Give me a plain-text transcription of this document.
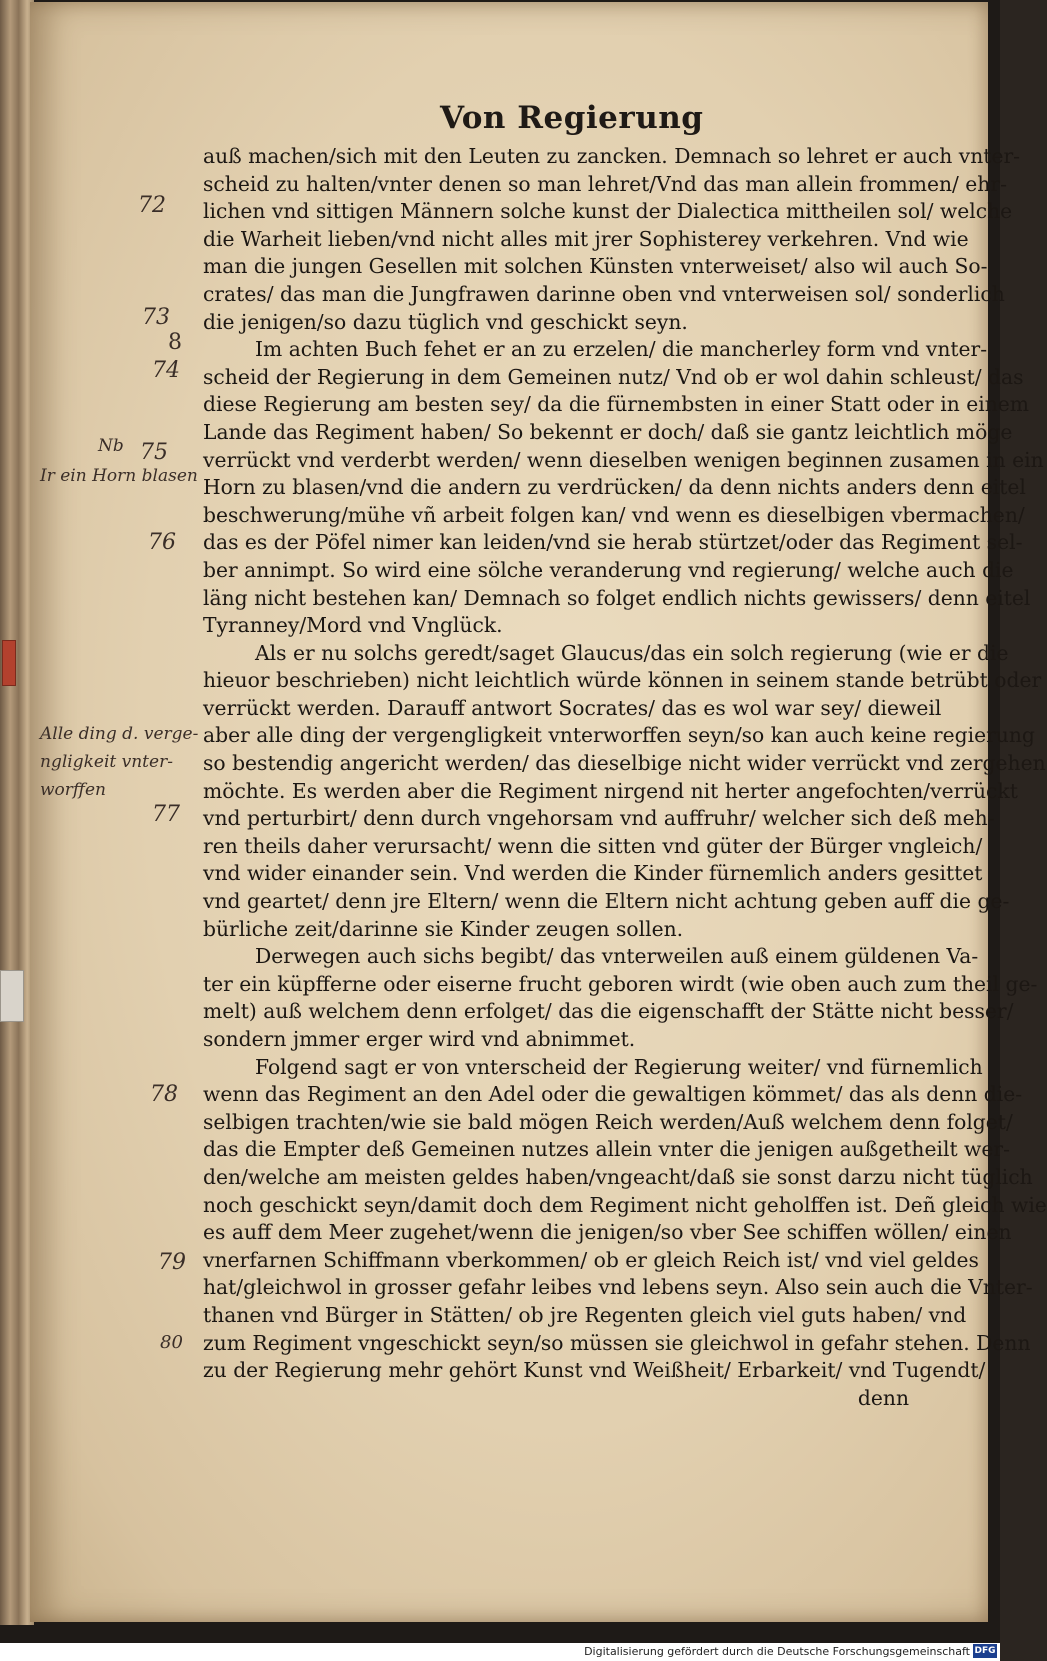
Von Regierung
auß machen/sich mit den Leuten zu zancken. Demnach so lehret er auch vnter-
scheid zu halten/vnter denen so man lehret/Vnd das man allein frommen/ ehr-
lichen vnd sittigen Männern solche kunst der Dialectica mittheilen sol/ welche
die Warheit lieben/vnd nicht alles mit jrer Sophisterey verkehren. Vnd wie
man die jungen Gesellen mit solchen Künsten vnterweiset/ also wil auch So-
crates/ das man die Jungfrawen darinne oben vnd vnterweisen sol/ sonderlich
die jenigen/so dazu tüglich vnd geschickt seyn.
Im achten Buch fehet er an zu erzelen/ die mancherley form vnd vnter-
scheid der Regierung in dem Gemeinen nutz/ Vnd ob er wol dahin schleust/ das
diese Regierung am besten sey/ da die fürnembsten in einer Statt oder in einem
Lande das Regiment haben/ So bekennt er doch/ daß sie gantz leichtlich möge
verrückt vnd verderbt werden/ wenn dieselben wenigen beginnen zusamen in ein
Horn zu blasen/vnd die andern zu verdrücken/ da denn nichts anders denn eitel
beschwerung/mühe vñ arbeit folgen kan/ vnd wenn es dieselbigen vbermachen/
das es der Pöfel nimer kan leiden/vnd sie herab stürtzet/oder das Regiment sel-
ber annimpt. So wird eine sölche veranderung vnd regierung/ welche auch die
läng nicht bestehen kan/ Demnach so folget endlich nichts gewissers/ denn eitel
Tyranney/Mord vnd Vnglück.
Als er nu solchs geredt/saget Glaucus/das ein solch regierung (wie er die
hieuor beschrieben) nicht leichtlich würde können in seinem stande betrübt oder
verrückt werden. Darauff antwort Socrates/ das es wol war sey/ dieweil
aber alle ding der vergengligkeit vnterworffen seyn/so kan auch keine regierung
so bestendig angericht werden/ das dieselbige nicht wider verrückt vnd zergehen
möchte. Es werden aber die Regiment nirgend nit herter angefochten/verrückt
vnd perturbirt/ denn durch vngehorsam vnd auffruhr/ welcher sich deß meh-
ren theils daher verursacht/ wenn die sitten vnd güter der Bürger vngleich/
vnd wider einander sein. Vnd werden die Kinder fürnemlich anders gesittet
vnd geartet/ denn jre Eltern/ wenn die Eltern nicht achtung geben auff die ge-
bürliche zeit/darinne sie Kinder zeugen sollen.
Derwegen auch sichs begibt/ das vnterweilen auß einem güldenen Va-
ter ein küpfferne oder eiserne frucht geboren wirdt (wie oben auch zum theil ge-
melt) auß welchem denn erfolget/ das die eigenschafft der Stätte nicht besser/
sondern jmmer erger wird vnd abnimmet.
Folgend sagt er von vnterscheid der Regierung weiter/ vnd fürnemlich
wenn das Regiment an den Adel oder die gewaltigen kömmet/ das als denn die-
selbigen trachten/wie sie bald mögen Reich werden/Auß welchem denn folget/
das die Empter deß Gemeinen nutzes allein vnter die jenigen außgetheilt wer-
den/welche am meisten geldes haben/vngeacht/daß sie sonst darzu nicht tüglich
noch geschickt seyn/damit doch dem Regiment nicht geholffen ist. Deñ gleich wie
es auff dem Meer zugehet/wenn die jenigen/so vber See schiffen wöllen/ einen
vnerfarnen Schiffmann vberkommen/ ob er gleich Reich ist/ vnd viel geldes
hat/gleichwol in grosser gefahr leibes vnd lebens seyn. Also sein auch die Vnter-
thanen vnd Bürger in Stätten/ ob jre Regenten gleich viel guts haben/ vnd
zum Regiment vngeschickt seyn/so müssen sie gleichwol in gefahr stehen. Denn
zu der Regierung mehr gehört Kunst vnd Weißheit/ Erbarkeit/ vnd Tugendt/
denn
72
73
8
74
75
76
77
78
79
80
Nb
Ir ein Horn blasen
Alle ding d. verge-
ngligkeit vnter-
worffen
Digitalisierung gefördert durch die Deutsche Forschungsgemeinschaft DFG
